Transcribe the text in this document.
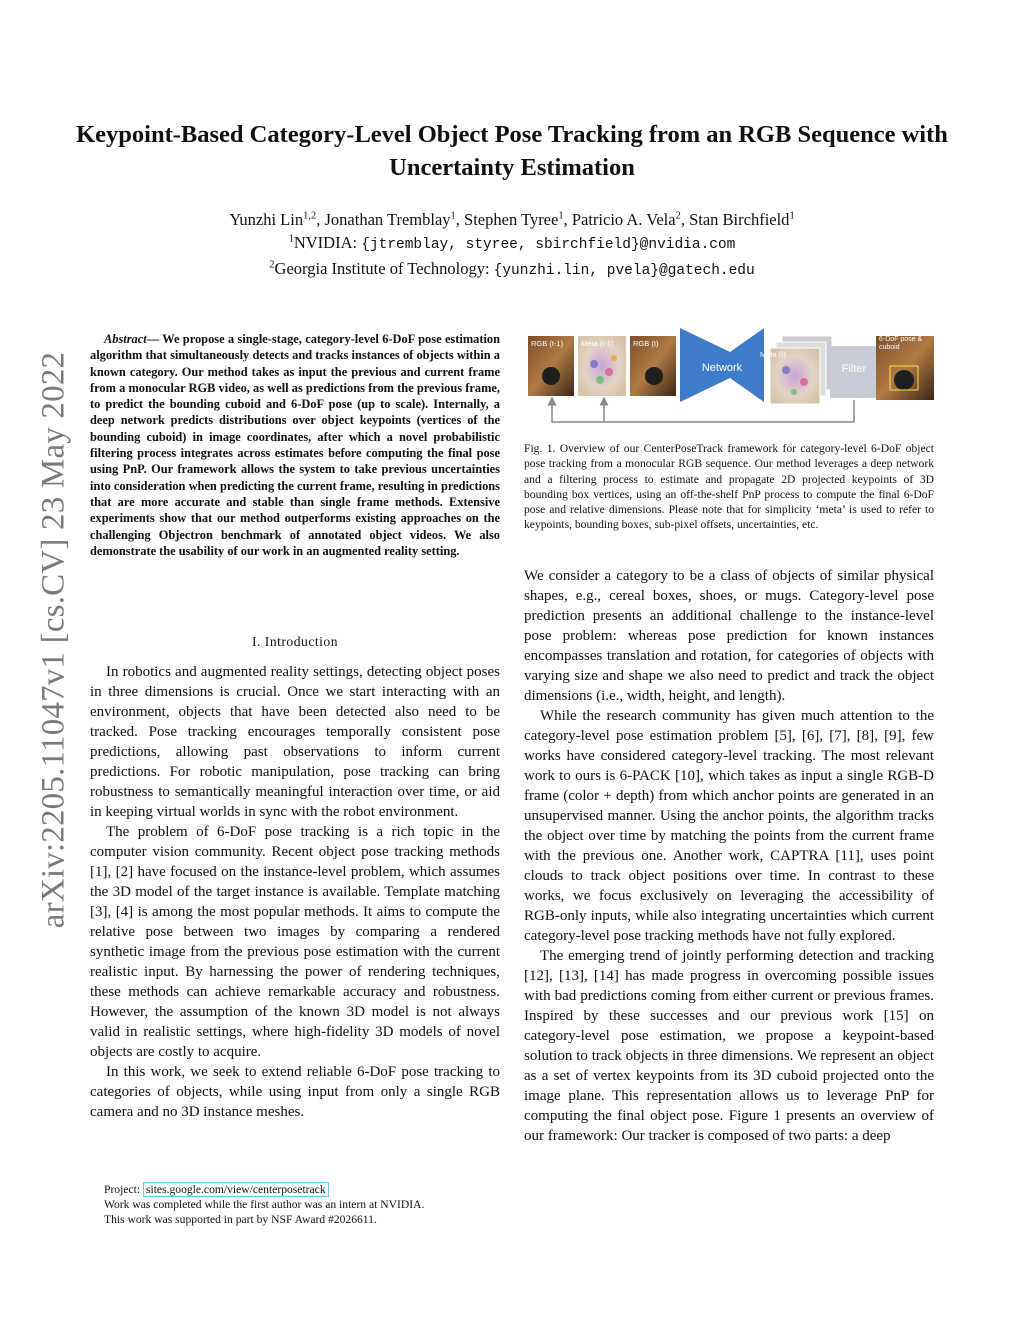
Keypoint-Based Category-Level Object Pose Tracking from an RGB Sequence with Uncertainty Estimation
Yunzhi Lin$^{1,2}$, Jonathan Tremblay$^1$, Stephen Tyree$^1$, Patricio A. Vela$^2$, Stan Birchfield$^1$
$^1$NVIDIA: {jtremblay, styree, sbirchfield}@nvidia.com
$^2$Georgia Institute of Technology: {yunzhi.lin, pvela}@gatech.edu
arXiv:2205.11047v1 [cs.CV] 23 May 2022

Abstract— We propose a single-stage, category-level 6-DoF pose estimation algorithm that simultaneously detects and tracks instances of objects within a known category. Our method takes as input the previous and current frame from a monocular RGB video, as well as predictions from the previous frame, to predict the bounding cuboid and 6-DoF pose (up to scale). Internally, a deep network predicts distributions over object keypoints (vertices of the bounding cuboid) in image coordinates, after which a novel probabilistic filtering process integrates across estimates before computing the final pose using PnP. Our framework allows the system to take previous uncertainties into consideration when predicting the current frame, resulting in predictions that are more accurate and stable than single frame methods. Extensive experiments show that our method outperforms existing approaches on the challenging Objectron benchmark of annotated object videos. We also demonstrate the usability of our work in an augmented reality setting.

I. Introduction

In robotics and augmented reality settings, detecting object poses in three dimensions is crucial. Once we start interacting with an environment, objects that have been detected also need to be tracked. Pose tracking encourages temporally consistent pose predictions, allowing past observations to inform current predictions. For robotic manipulation, pose tracking can bring robustness to semantically meaningful interaction over time, or aid in keeping virtual worlds in sync with the robot environment.

The problem of 6-DoF pose tracking is a rich topic in the computer vision community. Recent object pose tracking methods [1], [2] have focused on the instance-level problem, which assumes the 3D model of the target instance is available. Template matching [3], [4] is among the most popular methods. It aims to compute the relative pose between two images by comparing a rendered synthetic image from the previous pose estimation with the current realistic input. By harnessing the power of rendering techniques, these methods can achieve remarkable accuracy and robustness. However, the assumption of the known 3D model is not always valid in realistic settings, where high-fidelity 3D models of novel objects are costly to acquire.

In this work, we seek to extend reliable 6-DoF pose tracking to categories of objects, while using input from only a single RGB camera and no 3D instance meshes.

Project: sites.google.com/view/centerposetrack
Work was completed while the first author was an intern at NVIDIA.
This work was supported in part by NSF Award #2026611.
RGB (t-1) Meta (t-1)	RGB (t)
Network
Meta (t)
Filter
6-DoF pose & cuboid
Fig. 1. Overview of our CenterPoseTrack framework for category-level 6-DoF object pose tracking from a monocular RGB sequence. Our method leverages a deep network and a filtering process to estimate and propagate 2D projected keypoints of 3D bounding box vertices, using an off-the-shelf PnP process to compute the final 6-DoF pose and relative dimensions. Please note that for simplicity ‘meta’ is used to refer to keypoints, bounding boxes, sub-pixel offsets, uncertainties, etc.

We consider a category to be a class of objects of similar physical shapes, e.g., cereal boxes, shoes, or mugs. Category-level pose prediction presents an additional challenge to the instance-level pose problem: whereas pose prediction for known instances encompasses translation and rotation, for categories of objects with varying size and shape we also need to predict and track the object dimensions (i.e., width, height, and length).

While the research community has given much attention to the category-level pose estimation problem [5], [6], [7], [8], [9], few works have considered category-level tracking. The most relevant work to ours is 6-PACK [10], which takes as input a single RGB-D frame (color + depth) from which anchor points are generated in an unsupervised manner. Using the anchor points, the algorithm tracks the object over time by matching the points from the current frame with the previous one. Another work, CAPTRA [11], uses point clouds to track object positions over time. In contrast to these works, we focus exclusively on leveraging the accessibility of RGB-only inputs, while also integrating uncertainties which current category-level pose tracking methods have not fully explored.

The emerging trend of jointly performing detection and tracking [12], [13], [14] has made progress in overcoming possible issues with bad predictions coming from either current or previous frames. Inspired by these successes and our previous work [15] on category-level pose estimation, we propose a keypoint-based solution to track objects in three dimensions. We represent an object as a set of vertex keypoints from its 3D cuboid projected onto the image plane. This representation allows us to leverage PnP for computing the final object pose. Figure 1 presents an overview of our framework: Our tracker is composed of two parts: a deep
